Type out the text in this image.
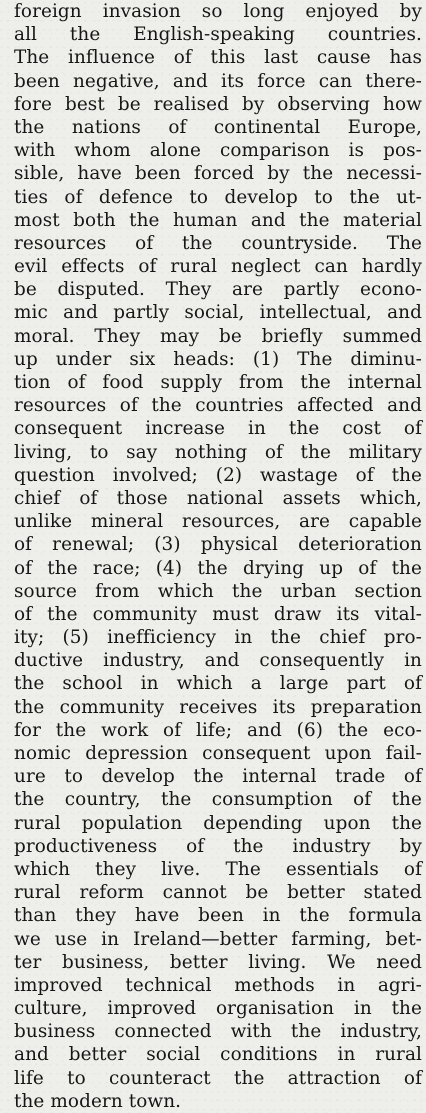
foreign invasion so long enjoyed by
all the English-speaking countries.
The influence of this last cause has
been negative, and its force can there-
fore best be realised by observing how
the nations of continental Europe,
with whom alone comparison is pos-
sible, have been forced by the necessi-
ties of defence to develop to the ut-
most both the human and the material
resources of the countryside. The
evil effects of rural neglect can hardly
be disputed. They are partly econo-
mic and partly social, intellectual, and
moral. They may be briefly summed
up under six heads: (1) The diminu-
tion of food supply from the internal
resources of the countries affected and
consequent increase in the cost of
living, to say nothing of the military
question involved; (2) wastage of the
chief of those national assets which,
unlike mineral resources, are capable
of renewal; (3) physical deterioration
of the race; (4) the drying up of the
source from which the urban section
of the community must draw its vital-
ity; (5) inefficiency in the chief pro-
ductive industry, and consequently in
the school in which a large part of
the community receives its preparation
for the work of life; and (6) the eco-
nomic depression consequent upon fail-
ure to develop the internal trade of
the country, the consumption of the
rural population depending upon the
productiveness of the industry by
which they live. The essentials of
rural reform cannot be better stated
than they have been in the formula
we use in Ireland—better farming, bet-
ter business, better living. We need
improved technical methods in agri-
culture, improved organisation in the
business connected with the industry,
and better social conditions in rural
life to counteract the attraction of
the modern town.
